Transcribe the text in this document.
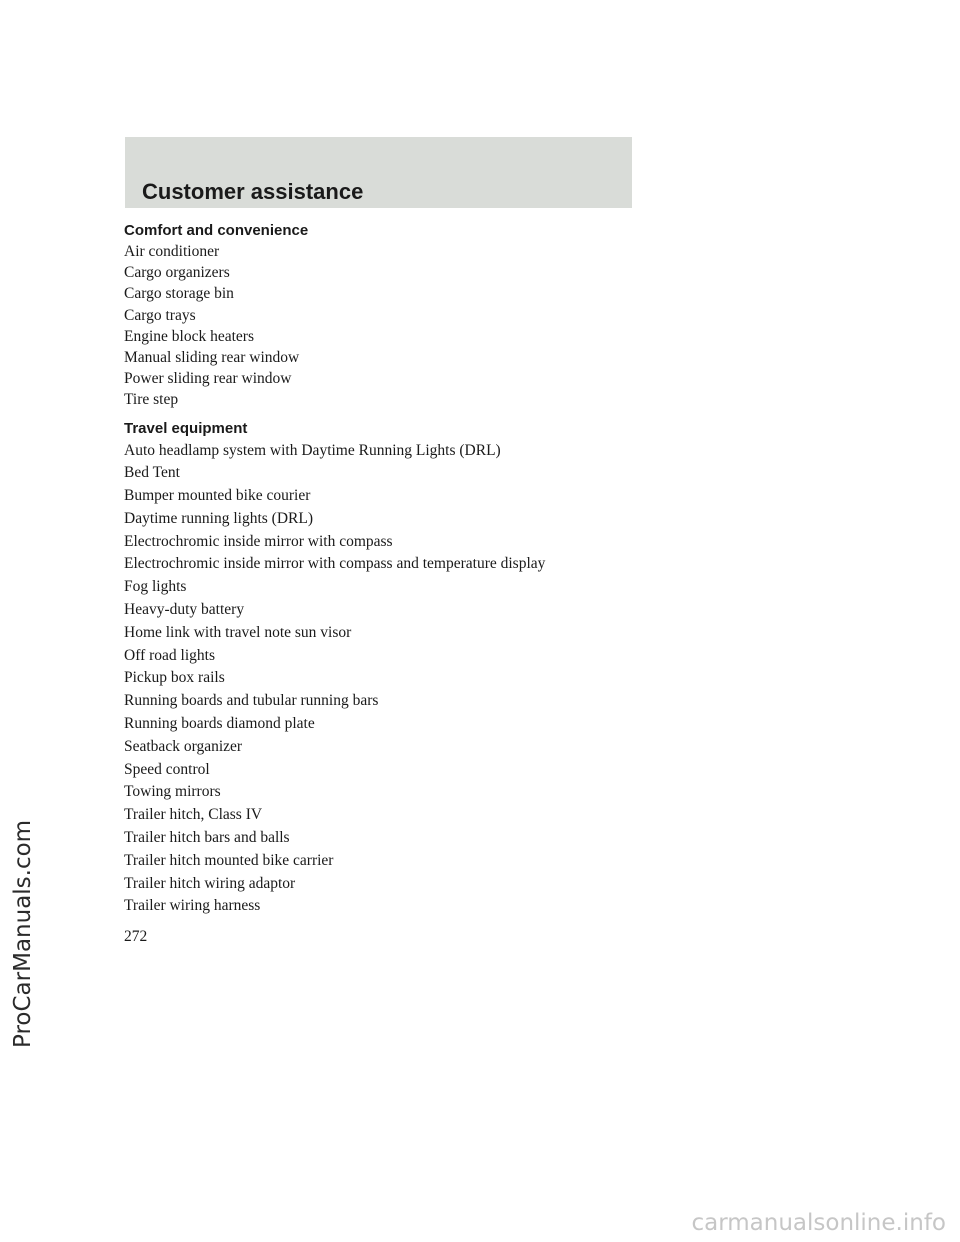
Customer assistance
Comfort and convenience
Air conditioner
Cargo organizers
Cargo storage bin
Cargo trays
Engine block heaters
Manual sliding rear window
Power sliding rear window
Tire step
Travel equipment
Auto headlamp system with Daytime Running Lights (DRL)
Bed Tent
Bumper mounted bike courier
Daytime running lights (DRL)
Electrochromic inside mirror with compass
Electrochromic inside mirror with compass and temperature display
Fog lights
Heavy-duty battery
Home link with travel note sun visor
Off road lights
Pickup box rails
Running boards and tubular running bars
Running boards diamond plate
Seatback organizer
Speed control
Towing mirrors
Trailer hitch, Class IV
Trailer hitch bars and balls
Trailer hitch mounted bike carrier
Trailer hitch wiring adaptor
Trailer wiring harness
272
ProCarManuals.com
carmanualsonline.info
